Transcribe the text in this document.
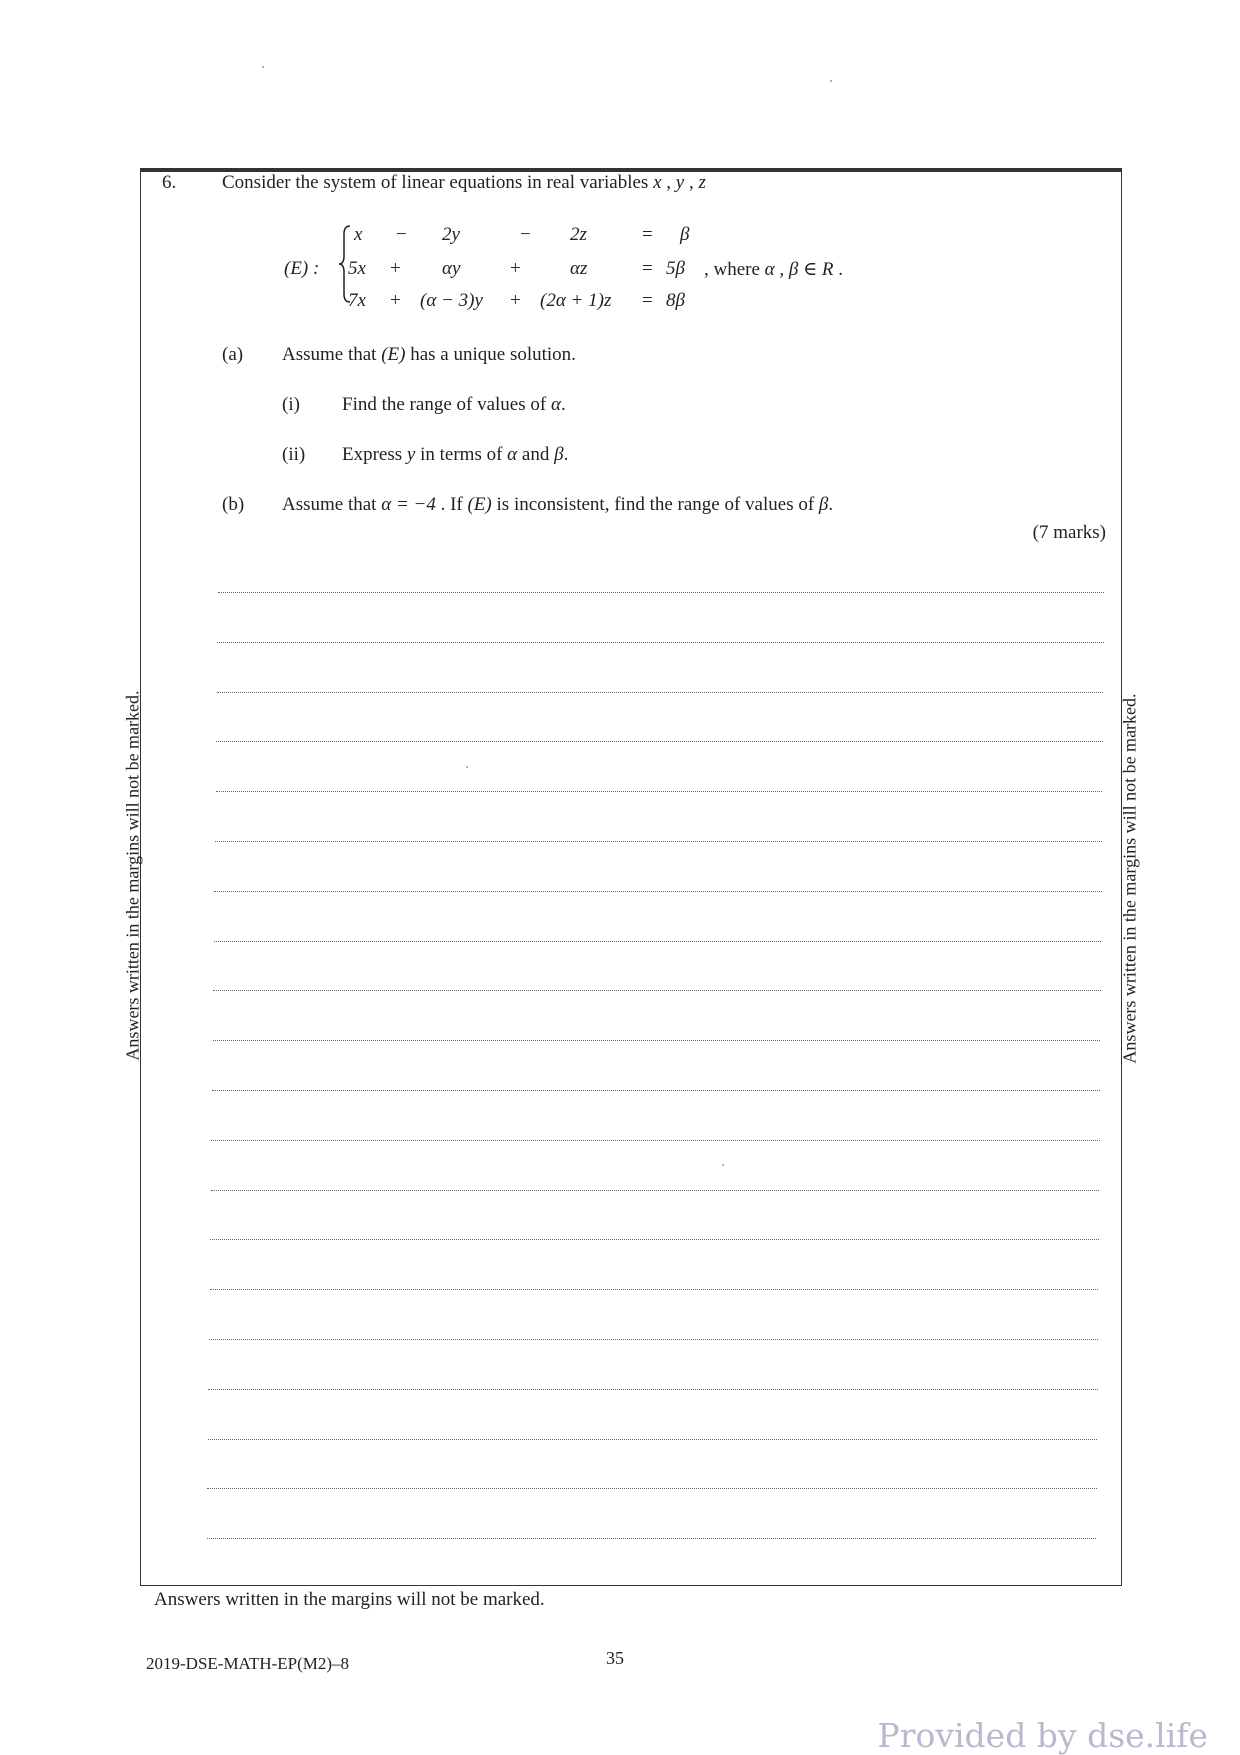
6. Consider the system of linear equations in real variables x , y , z
(E) :
x − 2y	− 2z	= β
5x + αy	+	αz	= 5β
7x + (α − 3)y + (2α + 1)z = 8β
, where α , β ∈ R .
(a) Assume that (E) has a unique solution.
(i) Find the range of values of α.
(ii) Express y in terms of α and β.
(b) Assume that α = −4 . If (E) is inconsistent, find the range of values of β.
(7 marks)
Answers written in the margins will not be marked.	Answers written in the margins will not be marked.
Answers written in the margins will not be marked.
2019-DSE-MATH-EP(M2)–8	35
Provided by dse.life
